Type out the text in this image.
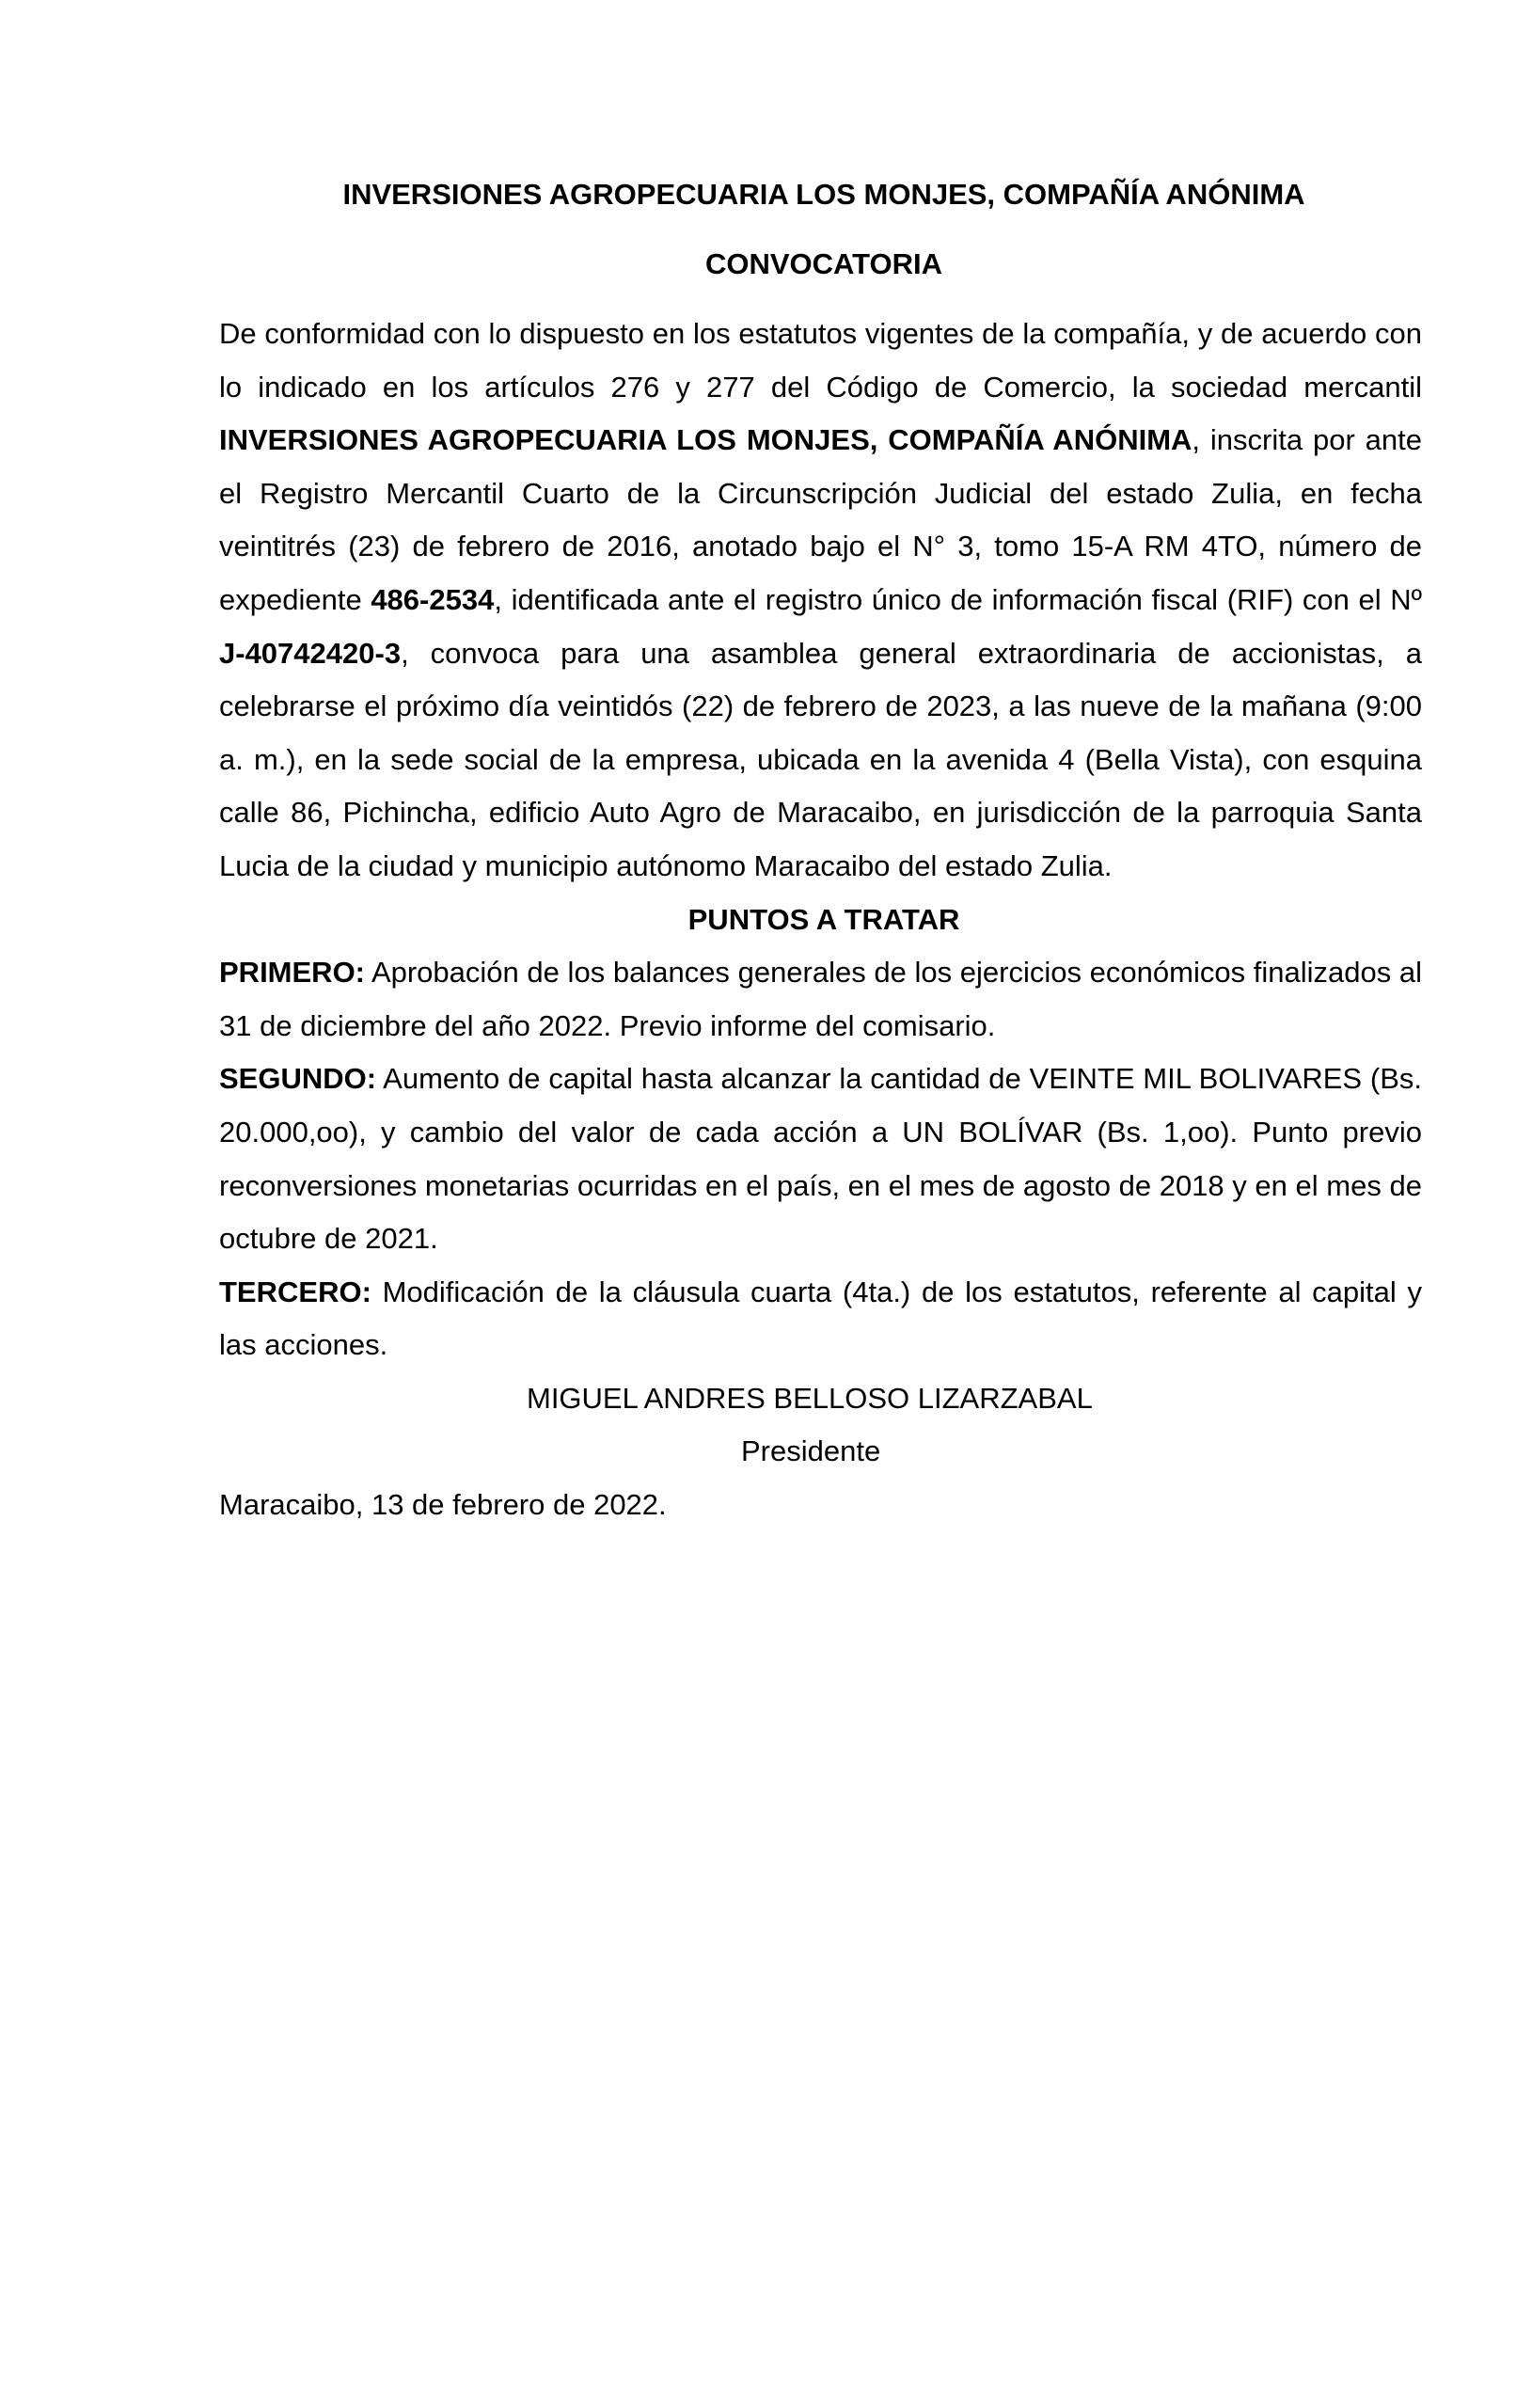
INVERSIONES AGROPECUARIA LOS MONJES, COMPAÑÍA ANÓNIMA

CONVOCATORIA

De conformidad con lo dispuesto en los estatutos vigentes de la compañía, y de acuerdo con lo indicado en los artículos 276 y 277 del Código de Comercio, la sociedad mercantil INVERSIONES AGROPECUARIA LOS MONJES, COMPAÑÍA ANÓNIMA, inscrita por ante el Registro Mercantil Cuarto de la Circunscripción Judicial del estado Zulia, en fecha veintitrés (23) de febrero de 2016, anotado bajo el N° 3, tomo 15-A RM 4TO, número de expediente 486-2534, identificada ante el registro único de información fiscal (RIF) con el Nº J-40742420-3, convoca para una asamblea general extraordinaria de accionistas, a celebrarse el próximo día veintidós (22) de febrero de 2023, a las nueve de la mañana (9:00 a. m.), en la sede social de la empresa, ubicada en la avenida 4 (Bella Vista), con esquina calle 86, Pichincha, edificio Auto Agro de Maracaibo, en jurisdicción de la parroquia Santa Lucia de la ciudad y municipio autónomo Maracaibo del estado Zulia.

PUNTOS A TRATAR

PRIMERO: Aprobación de los balances generales de los ejercicios económicos finalizados al 31 de diciembre del año 2022. Previo informe del comisario.

SEGUNDO: Aumento de capital hasta alcanzar la cantidad de VEINTE MIL BOLIVARES (Bs. 20.000,oo), y cambio del valor de cada acción a UN BOLÍVAR (Bs. 1,oo). Punto previo reconversiones monetarias ocurridas en el país, en el mes de agosto de 2018 y en el mes de octubre de 2021.

TERCERO: Modificación de la cláusula cuarta (4ta.) de los estatutos, referente al capital y las acciones.

MIGUEL ANDRES BELLOSO LIZARZABAL

Presidente

Maracaibo, 13 de febrero de 2022.
